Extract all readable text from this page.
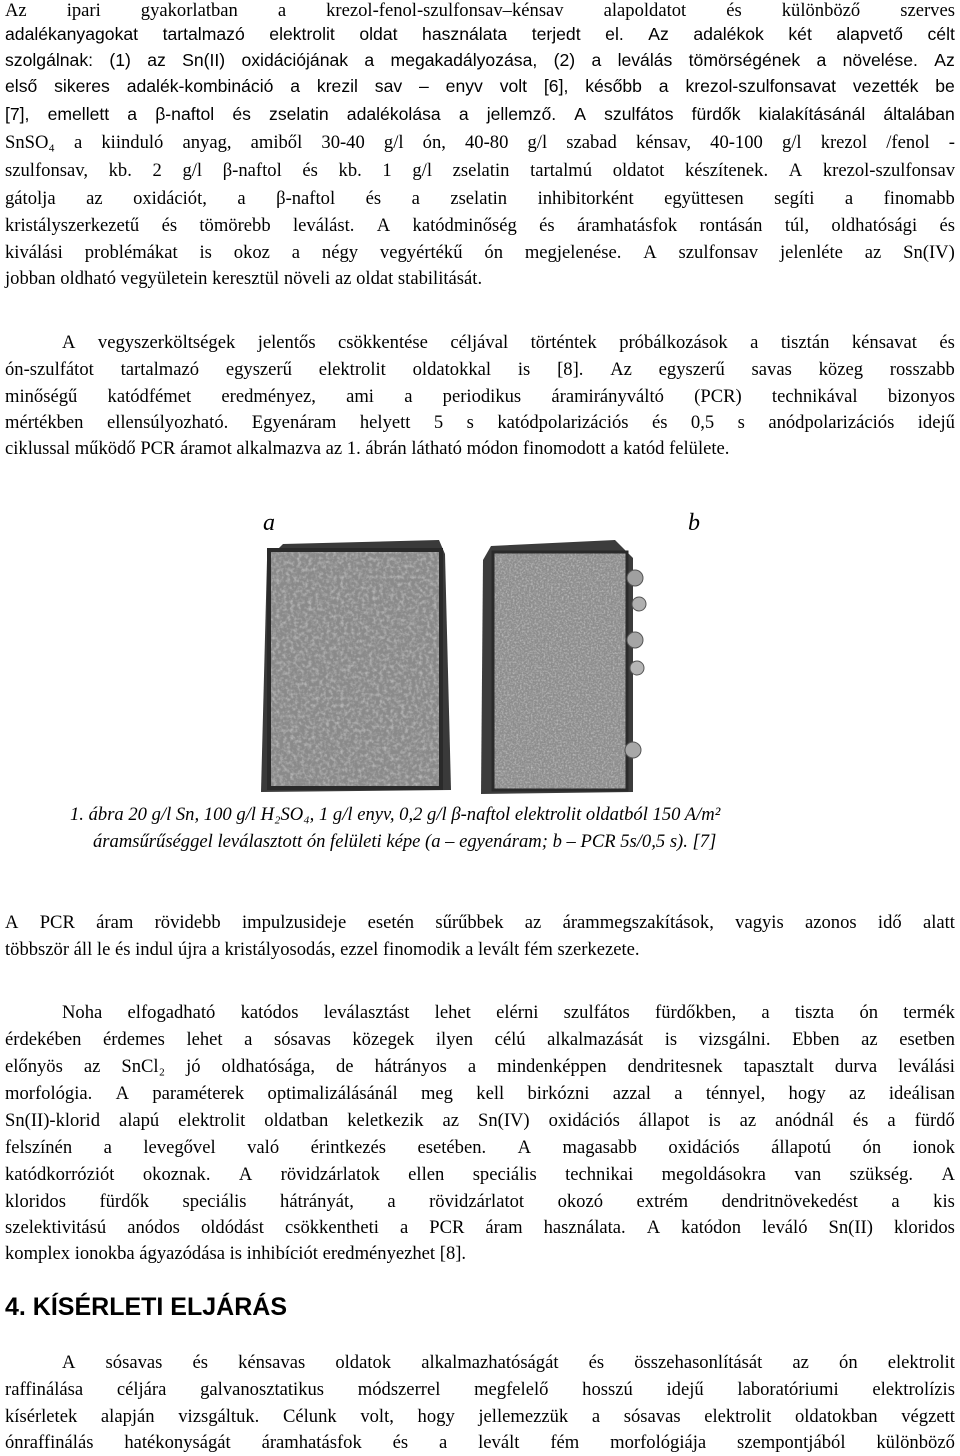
Az ipari gyakorlatban a krezol-fenol-szulfonsav–kénsav alapoldatot és különböző szerves
adalékanyagokat tartalmazó elektrolit oldat használata terjedt el. Az adalékok két alapvető célt
szolgálnak: (1) az Sn(II) oxidációjának a megakadályozása, (2) a leválás tömörségének a növelése. Az
első sikeres adalék-kombináció a krezil sav – enyv volt [6], később a krezol-szulfonsavat vezették be
[7], emellett a β-naftol és zselatin adalékolása a jellemző. A szulfátos fürdők kialakításánál általában
SnSO₄ a kiinduló anyag, amiből 30-40 g/l ón, 40-80 g/l szabad kénsav, 40-100 g/l krezol /fenol -
szulfonsav, kb. 2 g/l β-naftol és kb. 1 g/l zselatin tartalmú oldatot készítenek. A krezol-szulfonsav
gátolja az oxidációt, a β-naftol és a zselatin inhibitorként együttesen segíti a finomabb
kristályszerkezetű és tömörebb leválást. A katódminőség és áramhatásfok rontásán túl, oldhatósági és
kiválási problémákat is okoz a négy vegyértékű ón megjelenése. A szulfonsav jelenléte az Sn(IV)
jobban oldható vegyületein keresztül növeli az oldat stabilitását.
A vegyszerköltségek jelentős csökkentése céljával történtek próbálkozások a tisztán kénsavat és
ón-szulfátot tartalmazó egyszerű elektrolit oldatokkal is [8]. Az egyszerű savas közeg rosszabb
minőségű katódfémet eredményez, ami a periodikus áramirányváltó (PCR) technikával bizonyos
mértékben ellensúlyozható. Egyenáram helyett 5 s katódpolarizációs és 0,5 s anódpolarizációs idejű
ciklussal működő PCR áramot alkalmazva az 1. ábrán látható módon finomodott a katód felülete.
a	b
1. ábra 20 g/l Sn, 100 g/l H₂SO₄, 1 g/l enyv, 0,2 g/l β-naftol elektrolit oldatból 150 A/m²
áramsűrűséggel leválasztott ón felületi képe (a – egyenáram; b – PCR 5s/0,5 s). [7]
A PCR áram rövidebb impulzusideje esetén sűrűbbek az árammegszakítások, vagyis azonos idő alatt
többször áll le és indul újra a kristályosodás, ezzel finomodik a levált fém szerkezete.
Noha elfogadható katódos leválasztást lehet elérni szulfátos fürdőkben, a tiszta ón termék
érdekében érdemes lehet a sósavas közegek ilyen célú alkalmazását is vizsgálni. Ebben az esetben
előnyös az SnCl₂ jó oldhatósága, de hátrányos a mindenképpen dendritesnek tapasztalt durva leválási
morfológia. A paraméterek optimalizálásánál meg kell birkózni azzal a ténnyel, hogy az ideálisan
Sn(II)-klorid alapú elektrolit oldatban keletkezik az Sn(IV) oxidációs állapot is az anódnál és a fürdő
felszínén a levegővel való érintkezés esetében. A magasabb oxidációs állapotú ón ionok
katódkorróziót okoznak. A rövidzárlatok ellen speciális technikai megoldásokra van szükség. A
kloridos fürdők speciális hátrányát, a rövidzárlatot okozó extrém dendritnövekedést a kis
szelektivitású anódos oldódást csökkentheti a PCR áram használata. A katódon leváló Sn(II) kloridos
komplex ionokba ágyazódása is inhibíciót eredményezhet [8].
4. KÍSÉRLETI ELJÁRÁS
A sósavas és kénsavas oldatok alkalmazhatóságát és összehasonlítását az ón elektrolit
raffinálása céljára galvanosztatikus módszerrel megfelelő hosszú idejű laboratóriumi elektrolízis
kísérletek alapján vizsgáltuk. Célunk volt, hogy jellemezzük a sósavas elektrolit oldatokban végzett
ónraffinálás hatékonyságát áramhatásfok és a levált fém morfológiája szempontjából különböző
